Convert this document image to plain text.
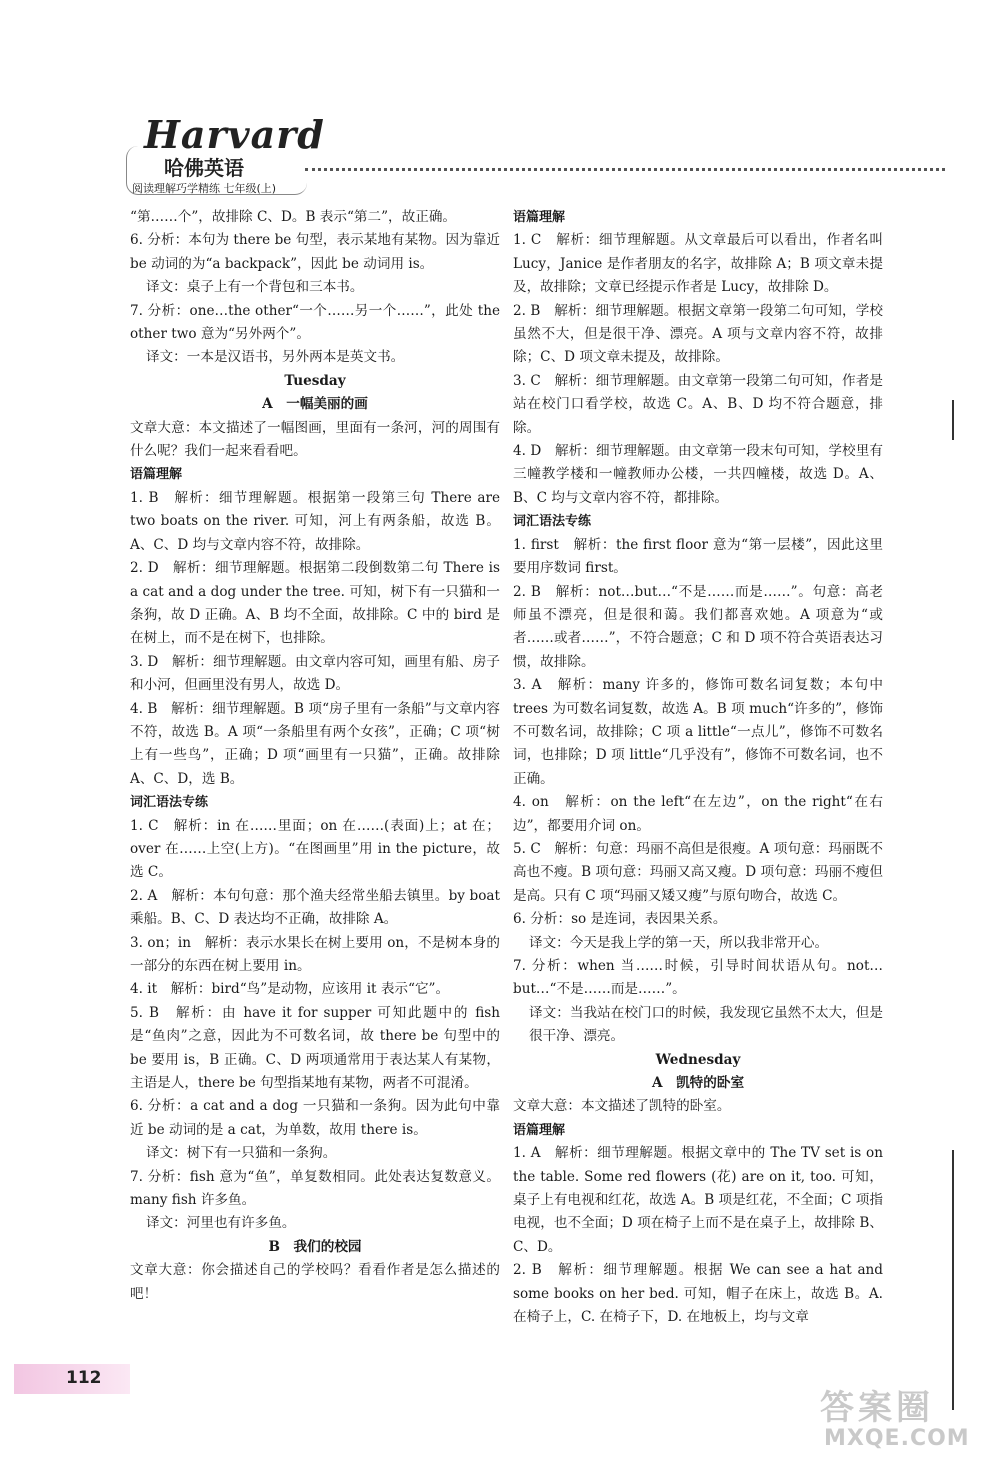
Harvard
哈佛英语
阅读理解巧学精练 七年级(上)

“第……个”，故排除 C、D。B 表示“第二”，故正确。

6. 分析：本句为 there be 句型，表示某地有某物。因为靠近 be 动词的为“a backpack”，因此 be 动词用 is。

译文：桌子上有一个背包和三本书。

7. 分析：one…the other“一个……另一个……”，此处 the other two 意为“另外两个”。

译文：一本是汉语书，另外两本是英文书。

Tuesday

A　一幅美丽的画

文章大意：本文描述了一幅图画，里面有一条河，河的周围有什么呢？我们一起来看看吧。

语篇理解

1. B　解析：细节理解题。根据第一段第三句 There are two boats on the river. 可知，河上有两条船，故选 B。A、C、D 均与文章内容不符，故排除。

2. D　解析：细节理解题。根据第二段倒数第二句 There is a cat and a dog under the tree. 可知，树下有一只猫和一条狗，故 D 正确。A、B 均不全面，故排除。C 中的 bird 是在树上，而不是在树下，也排除。

3. D　解析：细节理解题。由文章内容可知，画里有船、房子和小河，但画里没有男人，故选 D。

4. B　解析：细节理解题。B 项“房子里有一条船”与文章内容不符，故选 B。A 项“一条船里有两个女孩”，正确；C 项“树上有一些鸟”，正确；D 项“画里有一只猫”，正确。故排除 A、C、D，选 B。

词汇语法专练

1. C　解析：in 在……里面；on 在……(表面)上；at 在；over 在……上空(上方)。“在图画里”用 in the picture，故选 C。

2. A　解析：本句句意：那个渔夫经常坐船去镇里。by boat 乘船。B、C、D 表达均不正确，故排除 A。

3. on；in　解析：表示水果长在树上要用 on，不是树本身的一部分的东西在树上要用 in。

4. it　解析：bird“鸟”是动物，应该用 it 表示“它”。

5. B　解析：由 have it for supper 可知此题中的 fish 是“鱼肉”之意，因此为不可数名词，故 there be 句型中的 be 要用 is，B 正确。C、D 两项通常用于表达某人有某物，主语是人，there be 句型指某地有某物，两者不可混淆。

6. 分析：a cat and a dog 一只猫和一条狗。因为此句中靠近 be 动词的是 a cat，为单数，故用 there is。

译文：树下有一只猫和一条狗。

7. 分析：fish 意为“鱼”，单复数相同。此处表达复数意义。many fish 许多鱼。

译文：河里也有许多鱼。

B　我们的校园

文章大意：你会描述自己的学校吗？看看作者是怎么描述的吧！

语篇理解

1. C　解析：细节理解题。从文章最后可以看出，作者名叫 Lucy，Janice 是作者朋友的名字，故排除 A；B 项文章未提及，故排除；文章已经提示作者是 Lucy，故排除 D。

2. B　解析：细节理解题。根据文章第一段第二句可知，学校虽然不大，但是很干净、漂亮。A 项与文章内容不符，故排除；C、D 项文章未提及，故排除。

3. C　解析：细节理解题。由文章第一段第二句可知，作者是站在校门口看学校，故选 C。A、B、D 均不符合题意，排除。

4. D　解析：细节理解题。由文章第一段末句可知，学校里有三幢教学楼和一幢教师办公楼，一共四幢楼，故选 D。A、B、C 均与文章内容不符，都排除。

词汇语法专练

1. first　解析：the first floor 意为“第一层楼”，因此这里要用序数词 first。

2. B　解析：not…but…“不是……而是……”。句意：高老师虽不漂亮，但是很和蔼。我们都喜欢她。A 项意为“或者……或者……”，不符合题意；C 和 D 项不符合英语表达习惯，故排除。

3. A　解析：many 许多的，修饰可数名词复数；本句中 trees 为可数名词复数，故选 A。B 项 much“许多的”，修饰不可数名词，故排除；C 项 a little“一点儿”，修饰不可数名词，也排除；D 项 little“几乎没有”，修饰不可数名词，也不正确。

4. on　解析：on the left“在左边”，on the right“在右边”，都要用介词 on。

5. C　解析：句意：玛丽不高但是很瘦。A 项句意：玛丽既不高也不瘦。B 项句意：玛丽又高又瘦。D 项句意：玛丽不瘦但是高。只有 C 项“玛丽又矮又瘦”与原句吻合，故选 C。

6. 分析：so 是连词，表因果关系。

译文：今天是我上学的第一天，所以我非常开心。

7. 分析：when 当……时候，引导时间状语从句。not…but…“不是……而是……”。

译文：当我站在校门口的时候，我发现它虽然不太大，但是很干净、漂亮。

Wednesday

A　凯特的卧室

文章大意：本文描述了凯特的卧室。

语篇理解

1. A　解析：细节理解题。根据文章中的 The TV set is on the table. Some red flowers (花) are on it, too. 可知，桌子上有电视和红花，故选 A。B 项是红花，不全面；C 项指电视，也不全面；D 项在椅子上而不是在桌子上，故排除 B、C、D。

2. B　解析：细节理解题。根据 We can see a hat and some books on her bed. 可知，帽子在床上，故选 B。A. 在椅子上，C. 在椅子下，D. 在地板上，均与文章

112
答案圈
MXQE.COM
